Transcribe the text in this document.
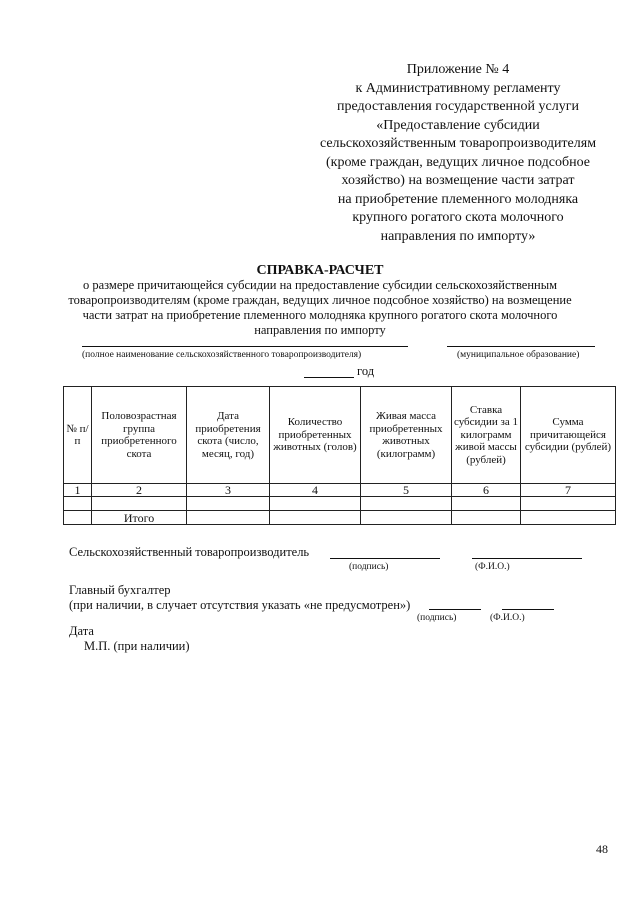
Приложение № 4
к Административному регламенту
предоставления государственной услуги
«Предоставление субсидии
сельскохозяйственным товаропроизводителям
(кроме граждан, ведущих личное подсобное
хозяйство) на возмещение части затрат
на приобретение племенного молодняка
крупного рогатого скота молочного
направления по импорту»
СПРАВКА-РАСЧЕТ
о размере причитающейся субсидии на предоставление субсидии сельскохозяйственным
товаропроизводителям (кроме граждан, ведущих личное подсобное хозяйство) на возмещение
части затрат на приобретение племенного молодняка крупного рогатого скота молочного
направления по импорту
(полное наименование сельскохозяйственного товаропроизводителя)	(муниципальное образование)
год
№ п/п	Половозрастная группа приобретенного скота	Дата приобретения скота (число, месяц, год)	Количество приобретенных животных (голов)	Живая масса приобретенных животных (килограмм)	Ставка субсидии за 1 килограмм живой массы (рублей)	Сумма причитающейся субсидии (рублей)
1	2	3	4	5	6	7

	Итого					
Сельскохозяйственный товаропроизводитель
(подпись)	(Ф.И.О.)
Главный бухгалтер
(при наличии, в случает отсутствия указать «не предусмотрен»)
(подпись)	(Ф.И.О.)
Дата
М.П. (при наличии)
48
